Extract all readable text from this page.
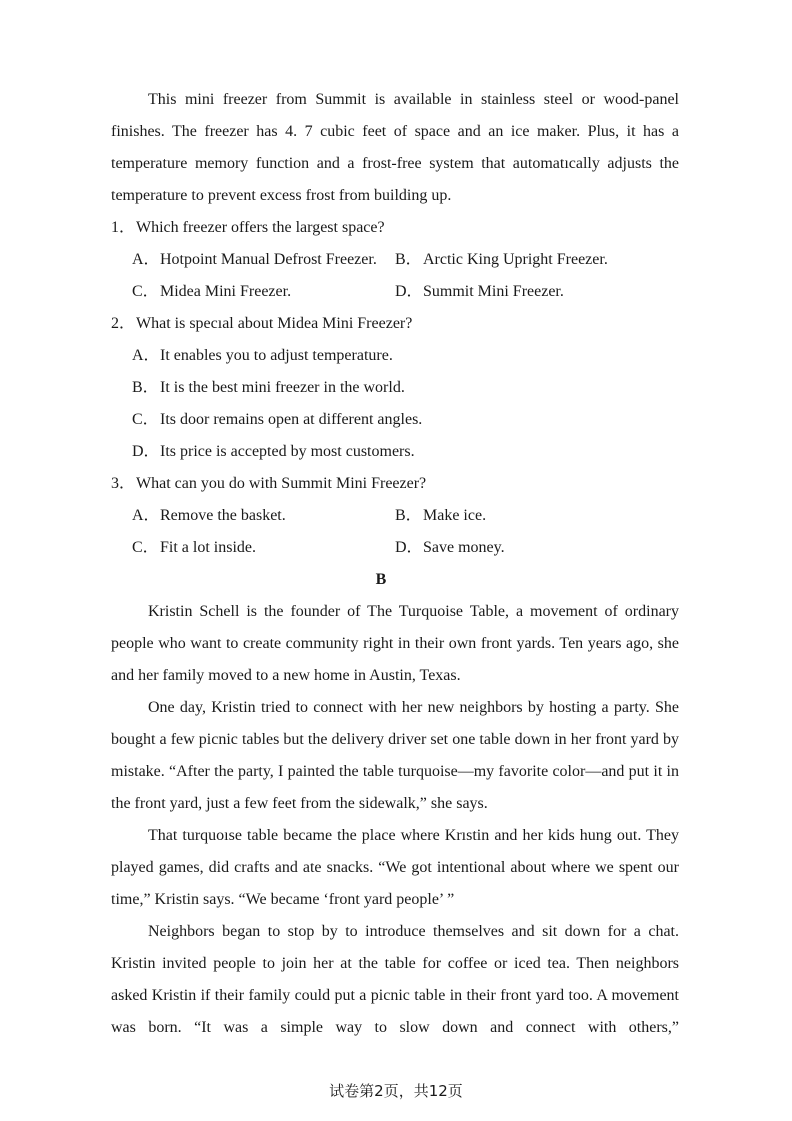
This mini freezer from Summit is available in stainless steel or wood-panel finishes. The freezer has 4. 7 cubic feet of space and an ice maker. Plus, it has a temperature memory function and a frost-free system that automatıcally adjusts the temperature to prevent excess frost from building up.

1．Which freezer offers the largest space?

A．Hotpoint Manual Defrost Freezer.	B．Arctic King Upright Freezer.
C．Midea Mini Freezer.	D．Summit Mini Freezer.

2．What is specıal about Midea Mini Freezer?

A．It enables you to adjust temperature.
B．It is the best mini freezer in the world.
C．Its door remains open at different angles.
D．Its price is accepted by most customers.

3．What can you do with Summit Mini Freezer?

A．Remove the basket.	B．Make ice.
C．Fit a lot inside.	D．Save money.

B

Kristin Schell is the founder of The Turquoise Table, a movement of ordinary people who want to create community right in their own front yards. Ten years ago, she and her family moved to a new home in Austin, Texas.

One day, Kristin tried to connect with her new neighbors by hosting a party. She bought a few picnic tables but the delivery driver set one table down in her front yard by mistake. “After the party, I painted the table turquoise—my favorite color—and put it in the front yard, just a few feet from the sidewalk,” she says.

That turquoıse table became the place where Krıstin and her kids hung out. They played games, did crafts and ate snacks. “We got intentional about where we spent our time,” Kristin says. “We became ‘front yard people’ ”

Neighbors began to stop by to introduce themselves and sit down for a chat. Kristin invited people to join her at the table for coffee or iced tea. Then neighbors asked Kristin if their family could put a picnic table in their front yard too. A movement was born. “It was a simple way to slow down and connect with others,”

试卷第2页，共12页
